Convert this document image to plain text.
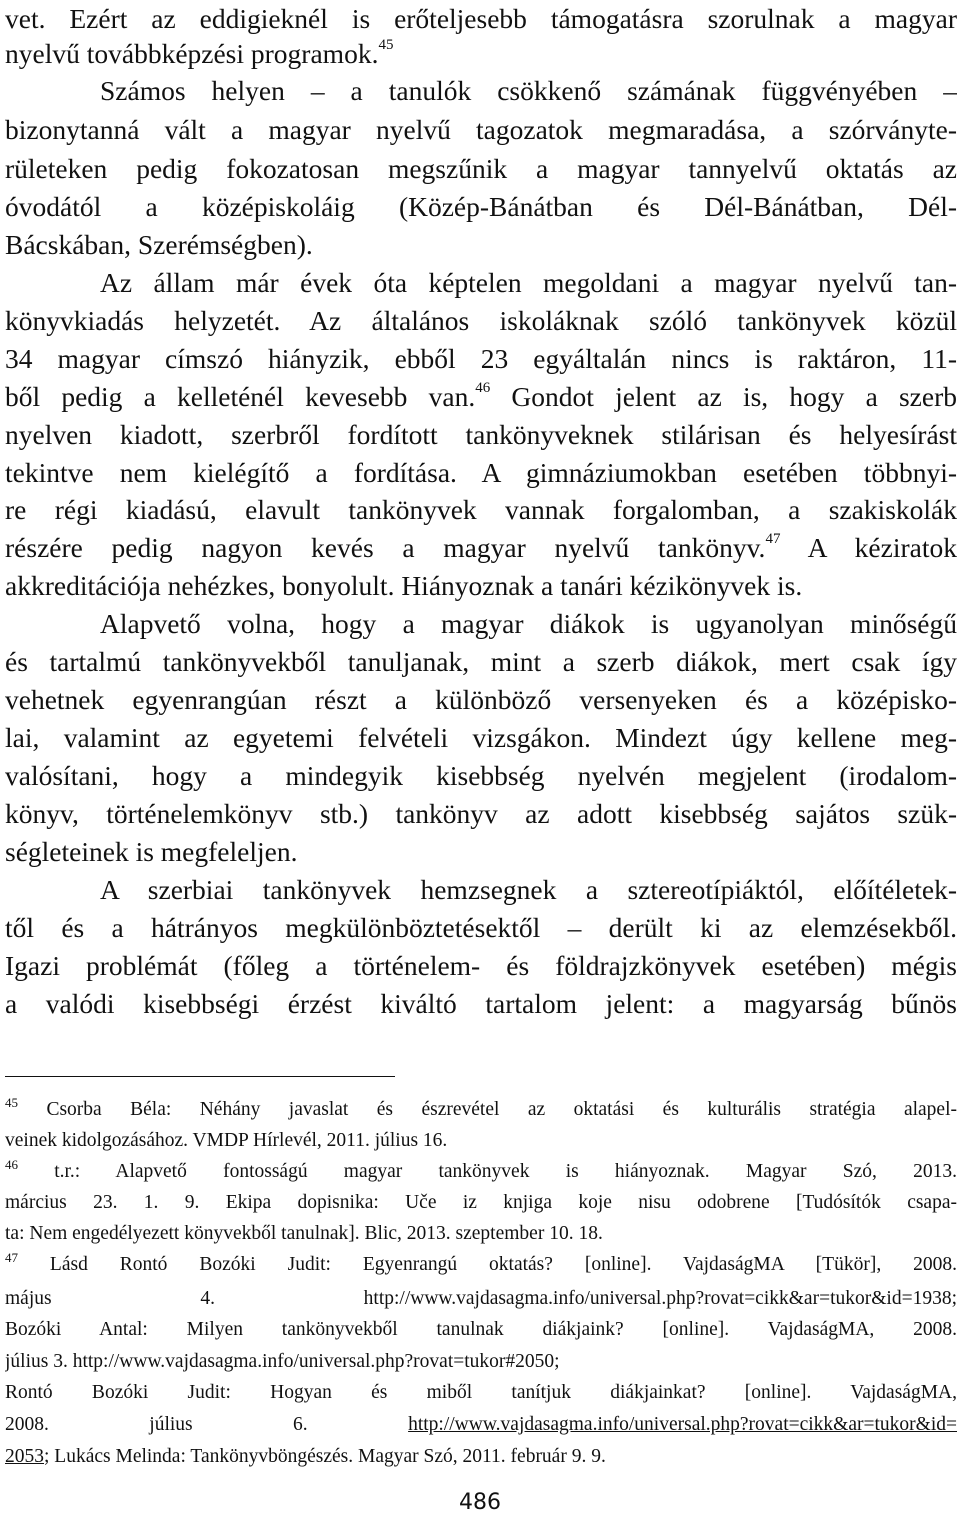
vet. Ezért az eddigieknél is erőteljesebb támogatásra szorulnak a magyar
nyelvű továbbképzési programok.$^{45}$
Számos helyen – a tanulók csökkenő számának függvényében –
bizonytanná vált a magyar nyelvű tagozatok megmaradása, a szórványte-
rületeken pedig fokozatosan megszűnik a magyar tannyelvű oktatás az
óvodától a középiskoláig (Közép-Bánátban és Dél-Bánátban, Dél-
Bácskában, Szerémségben).
Az állam már évek óta képtelen megoldani a magyar nyelvű tan-
könyvkiadás helyzetét. Az általános iskoláknak szóló tankönyvek közül
34 magyar címszó hiányzik, ebből 23 egyáltalán nincs is raktáron, 11-
ből pedig a kelleténél kevesebb van.$^{46}$ Gondot jelent az is, hogy a szerb
nyelven kiadott, szerbről fordított tankönyveknek stilárisan és helyesírást
tekintve nem kielégítő a fordítása. A gimnáziumokban esetében többnyi-
re régi kiadású, elavult tankönyvek vannak forgalomban, a szakiskolák
részére pedig nagyon kevés a magyar nyelvű tankönyv.$^{47}$ A kéziratok
akkreditációja nehézkes, bonyolult. Hiányoznak a tanári kézikönyvek is.
Alapvető volna, hogy a magyar diákok is ugyanolyan minőségű
és tartalmú tankönyvekből tanuljanak, mint a szerb diákok, mert csak így
vehetnek egyenrangúan részt a különböző versenyeken és a középisko-
lai, valamint az egyetemi felvételi vizsgákon. Mindezt úgy kellene meg-
valósítani, hogy a mindegyik kisebbség nyelvén megjelent (irodalom-
könyv, történelemkönyv stb.) tankönyv az adott kisebbség sajátos szük-
ségleteinek is megfeleljen.
A szerbiai tankönyvek hemzsegnek a sztereotípiáktól, előítéletek-
től és a hátrányos megkülönböztetésektől – derült ki az elemzésekből.
Igazi problémát (főleg a történelem- és földrajzkönyvek esetében) mégis
a valódi kisebbségi érzést kiváltó tartalom jelent: a magyarság bűnös
$^{45}$ Csorba Béla: Néhány javaslat és észrevétel az oktatási és kulturális stratégia alapel-
veinek kidolgozásához. VMDP Hírlevél, 2011. július 16.
$^{46}$ t.r.: Alapvető fontosságú magyar tankönyvek is hiányoznak. Magyar Szó, 2013.
március 23. 1. 9. Ekipa dopisnika: Uče iz knjiga koje nisu odobrene [Tudósítók csapa-
ta: Nem engedélyezett könyvekből tanulnak]. Blic, 2013. szeptember 10. 18.
$^{47}$ Lásd Rontó Bozóki Judit: Egyenrangú oktatás? [online]. VajdaságMA [Tükör], 2008.
május 4. http://www.vajdasagma.info/universal.php?rovat=cikk&ar=tukor&id=1938;
Bozóki Antal: Milyen tankönyvekből tanulnak diákjaink? [online]. VajdaságMA, 2008.
július 3. http://www.vajdasagma.info/universal.php?rovat=tukor#2050;
Rontó Bozóki Judit: Hogyan és miből tanítjuk diákjainkat? [online]. VajdaságMA,
2008. július 6. http://www.vajdasagma.info/universal.php?rovat=cikk&ar=tukor&id=
2053; Lukács Melinda: Tankönyvböngészés. Magyar Szó, 2011. február 9. 9.
486
